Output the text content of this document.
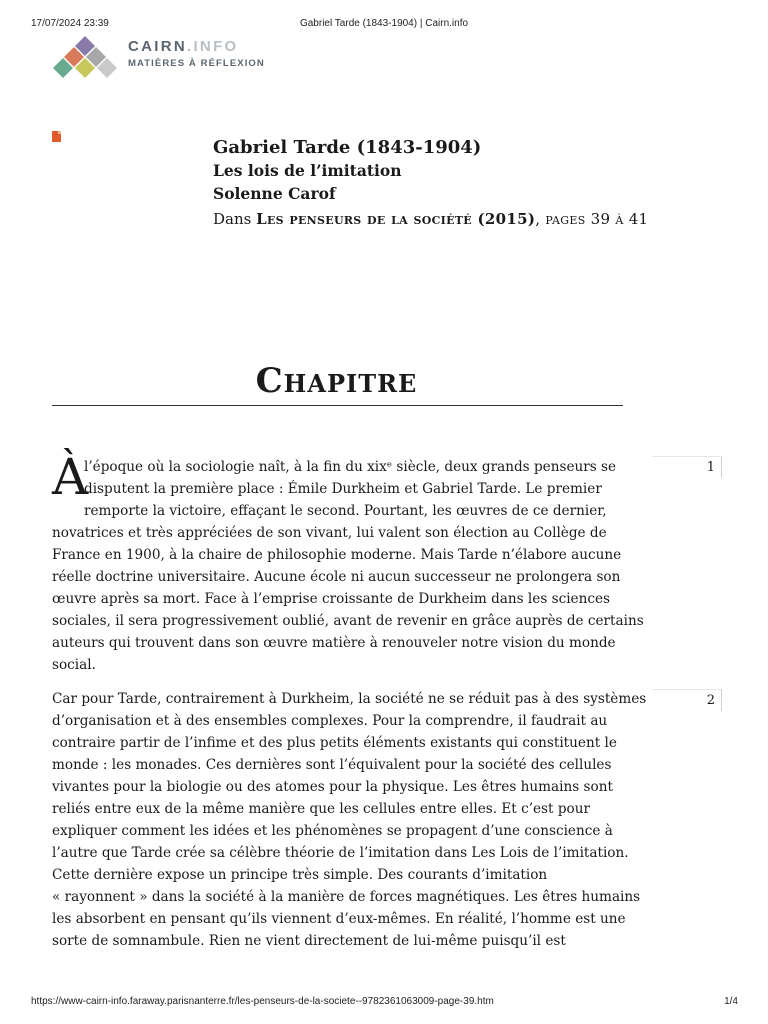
17/07/2024 23:39	Gabriel Tarde (1843-1904) | Cairn.info
CAIRN.INFO
MATIÈRES À RÉFLEXION
Gabriel Tarde (1843-1904)
Les lois de l’imitation
Solenne Carof
Dans Les penseurs de la société (2015), pages 39 à 41
Chapitre
À
l’époque où la sociologie naît, à la fin du xixᵉ siècle, deux grands penseurs se
disputent la première place : Émile Durkheim et Gabriel Tarde. Le premier
remporte la victoire, effaçant le second. Pourtant, les œuvres de ce dernier,
novatrices et très appréciées de son vivant, lui valent son élection au Collège de
France en 1900, à la chaire de philosophie moderne. Mais Tarde n’élabore aucune
réelle doctrine universitaire. Aucune école ni aucun successeur ne prolongera son
œuvre après sa mort. Face à l’emprise croissante de Durkheim dans les sciences
sociales, il sera progressivement oublié, avant de revenir en grâce auprès de certains
auteurs qui trouvent dans son œuvre matière à renouveler notre vision du monde
social.
1
Car pour Tarde, contrairement à Durkheim, la société ne se réduit pas à des systèmes
d’organisation et à des ensembles complexes. Pour la comprendre, il faudrait au
contraire partir de l’infime et des plus petits éléments existants qui constituent le
monde : les monades. Ces dernières sont l’équivalent pour la société des cellules
vivantes pour la biologie ou des atomes pour la physique. Les êtres humains sont
reliés entre eux de la même manière que les cellules entre elles. Et c’est pour
expliquer comment les idées et les phénomènes se propagent d’une conscience à
l’autre que Tarde crée sa célèbre théorie de l’imitation dans Les Lois de l’imitation.
Cette dernière expose un principe très simple. Des courants d’imitation
« rayonnent » dans la société à la manière de forces magnétiques. Les êtres humains
les absorbent en pensant qu’ils viennent d’eux-mêmes. En réalité, l’homme est une
sorte de somnambule. Rien ne vient directement de lui-même puisqu’il est
2
https://www-cairn-info.faraway.parisnanterre.fr/les-penseurs-de-la-societe--9782361063009-page-39.htm	1/4
